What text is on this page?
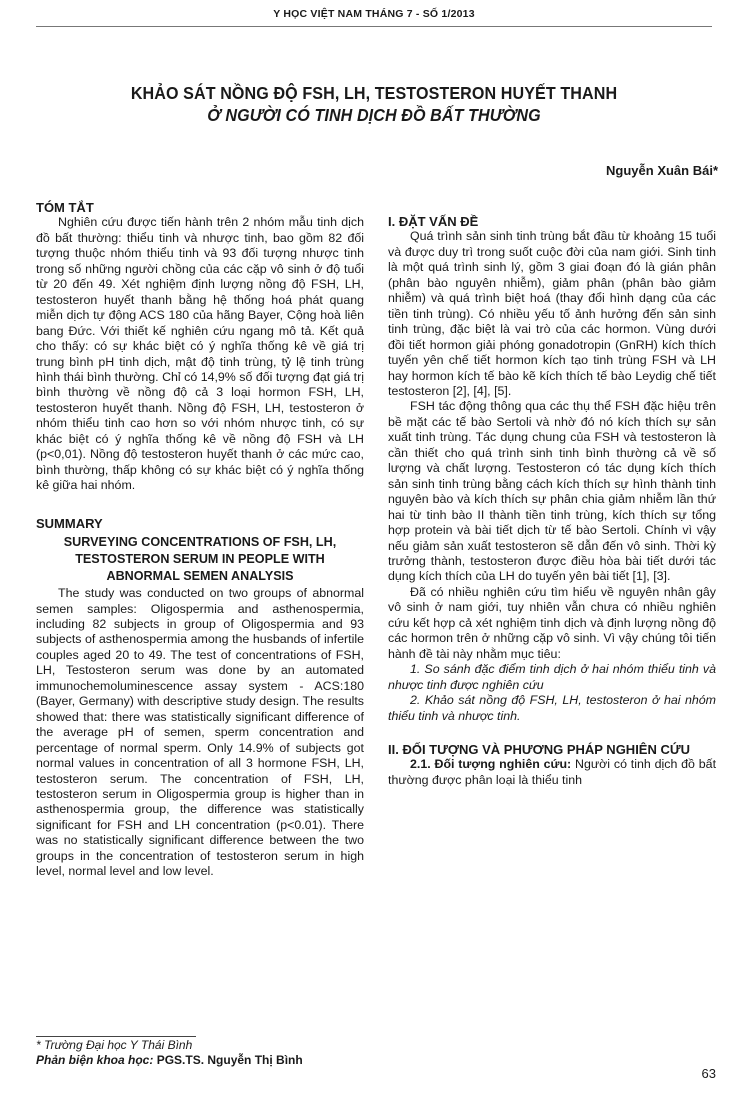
Y HỌC VIỆT NAM THÁNG 7 - SỐ 1/2013
KHẢO SÁT NỒNG ĐỘ FSH, LH, TESTOSTERON HUYẾT THANH
Ở NGƯỜI CÓ TINH DỊCH ĐỒ BẤT THƯỜNG
Nguyễn Xuân Bái*
TÓM TẮT

Nghiên cứu được tiến hành trên 2 nhóm mẫu tinh dịch đồ bất thường: thiểu tinh và nhược tinh, bao gồm 82 đối tượng thuộc nhóm thiểu tinh và 93 đối tượng nhược tinh trong số những người chồng của các cặp vô sinh ở độ tuổi từ 20 đến 49. Xét nghiệm định lượng nồng độ FSH, LH, testosteron huyết thanh bằng hệ thống hoá phát quang miễn dịch tự động ACS 180 của hãng Bayer, Cộng hoà liên bang Đức. Với thiết kế nghiên cứu ngang mô tả. Kết quả cho thấy: có sự khác biệt có ý nghĩa thống kê về giá trị trung bình pH tinh dịch, mật độ tinh trùng, tỷ lệ tinh trùng hình thái bình thường. Chỉ có 14,9% số đối tượng đạt giá trị bình thường về nồng độ cả 3 loại hormon FSH, LH, testosteron huyết thanh. Nồng độ FSH, LH, testosteron ở nhóm thiểu tinh cao hơn so với nhóm nhược tinh, có sự khác biệt có ý nghĩa thống kê về nồng độ FSH và LH (p<0,01). Nồng độ testosteron huyết thanh ở các mức cao, bình thường, thấp không có sự khác biệt có ý nghĩa thống kê giữa hai nhóm.

SUMMARY
SURVEYING CONCENTRATIONS OF FSH, LH,
TESTOSTERON SERUM IN PEOPLE WITH
ABNORMAL SEMEN ANALYSIS

The study was conducted on two groups of abnormal semen samples: Oligospermia and asthenospermia, including 82 subjects in group of Oligospermia and 93 subjects of asthenospermia among the husbands of infertile couples aged 20 to 49. The test of concentrations of FSH, LH, Testosteron serum was done by an automated immunochemoluminescence assay system - ACS:180 (Bayer, Germany) with descriptive study design. The results showed that: there was statistically significant difference of the average pH of semen, sperm concentration and percentage of normal sperm. Only 14.9% of subjects got normal values in concentration of all 3 hormone FSH, LH, testosteron serum. The concentration of FSH, LH, testosteron serum in Oligospermia group is higher than in asthenospermia group, the difference was statistically significant for FSH and LH concentration (p<0.01). There was no statistically significant difference between the two groups in the concentration of testosteron serum in high level, normal level and low level.

I. ĐẶT VẤN ĐỀ

Quá trình sản sinh tinh trùng bắt đầu từ khoảng 15 tuổi và được duy trì trong suốt cuộc đời của nam giới. Sinh tinh là một quá trình sinh lý, gồm 3 giai đoạn đó là gián phân (phân bào nguyên nhiễm), giảm phân (phân bào giảm nhiễm) và quá trình biệt hoá (thay đổi hình dạng của các tiền tinh trùng). Có nhiều yếu tố ảnh hưởng đến sản sinh tinh trùng, đặc biệt là vai trò của các hormon. Vùng dưới đồi tiết hormon giải phóng gonadotropin (GnRH) kích thích tuyến yên chế tiết hormon kích tạo tinh trùng FSH và LH hay hormon kích tế bào kẽ kích thích tế bào Leydig chế tiết testosteron [2], [4], [5].

FSH tác động thông qua các thụ thể FSH đặc hiệu trên bề mặt các tế bào Sertoli và nhờ đó nó kích thích sự sản xuất tinh trùng. Tác dụng chung của FSH và testosteron là cần thiết cho quá trình sinh tinh bình thường cả về số lượng và chất lượng. Testosteron có tác dụng kích thích sản sinh tinh trùng bằng cách kích thích sự hình thành tinh nguyên bào và kích thích sự phân chia giảm nhiễm lần thứ hai từ tinh bào II thành tiền tinh trùng, kích thích sự tổng hợp protein và bài tiết dịch từ tế bào Sertoli. Chính vì vậy nếu giảm sản xuất testosteron sẽ dẫn đến vô sinh. Thời kỳ trưởng thành, testosteron được điều hòa bài tiết dưới tác dụng kích thích của LH do tuyến yên bài tiết [1], [3].

Đã có nhiều nghiên cứu tìm hiểu về nguyên nhân gây vô sinh ở nam giới, tuy nhiên vẫn chưa có nhiều nghiên cứu kết hợp cả xét nghiệm tinh dịch và định lượng nồng độ các hormon trên ở những cặp vô sinh. Vì vậy chúng tôi tiến hành đề tài này nhằm mục tiêu:

1. So sánh đặc điểm tinh dịch ở hai nhóm thiểu tinh và nhược tinh được nghiên cứu

2. Khảo sát nồng độ FSH, LH, testosteron ở hai nhóm thiểu tinh và nhược tinh.

II. ĐỐI TƯỢNG VÀ PHƯƠNG PHÁP NGHIÊN CỨU

2.1. Đối tượng nghiên cứu: Người có tinh dịch đồ bất thường được phân loại là thiểu tinh

* Trường Đại học Y Thái Bình
Phản biện khoa học: PGS.TS. Nguyễn Thị Bình
63
